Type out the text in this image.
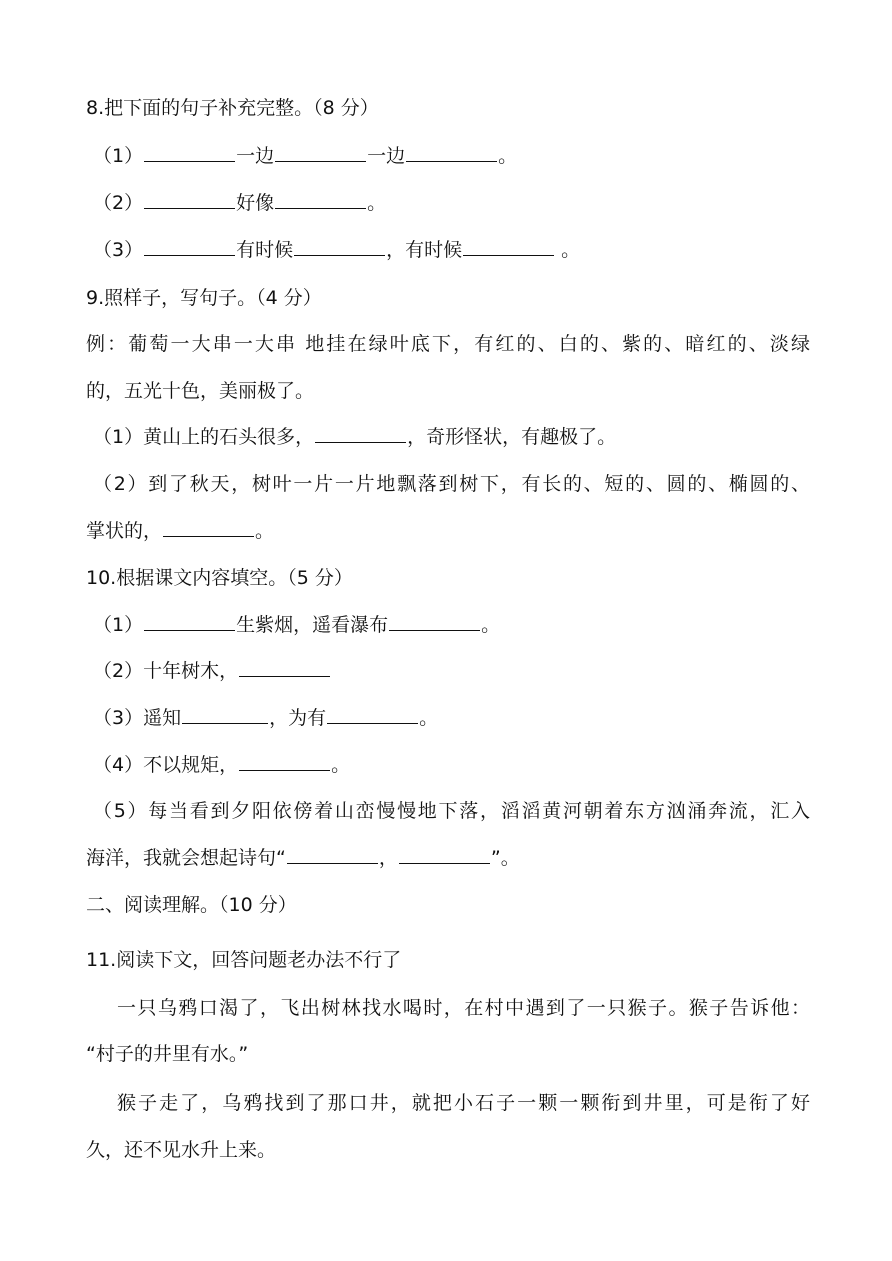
8.把下面的句子补充完整。（8 分）
（1）	一边	一边	。
（2）	好像	。
（3）	有时候	，有时候	。
9.照样子，写句子。（4 分）
例：葡萄一大串一大串 地挂在绿叶底下，有红的、白的、紫的、暗红的、淡绿
的，五光十色，美丽极了。
（1）黄山上的石头很多，	，奇形怪状，有趣极了。
（2）到了秋天，树叶一片一片地飘落到树下，有长的、短的、圆的、椭圆的、
掌状的，	。
10.根据课文内容填空。（5 分）
（1）	生紫烟，遥看瀑布	。
（2）十年树木，
（3）遥知	，为有	。
（4）不以规矩，	。
（5）每当看到夕阳依傍着山峦慢慢地下落，滔滔黄河朝着东方汹涌奔流，汇入
海洋，我就会想起诗句“	，	”。
二、阅读理解。（10 分）
11.阅读下文，回答问题老办法不行了
一只乌鸦口渴了，飞出树林找水喝时，在村中遇到了一只猴子。猴子告诉他：
“村子的井里有水。”
猴子走了，乌鸦找到了那口井，就把小石子一颗一颗衔到井里，可是衔了好
久，还不见水升上来。
